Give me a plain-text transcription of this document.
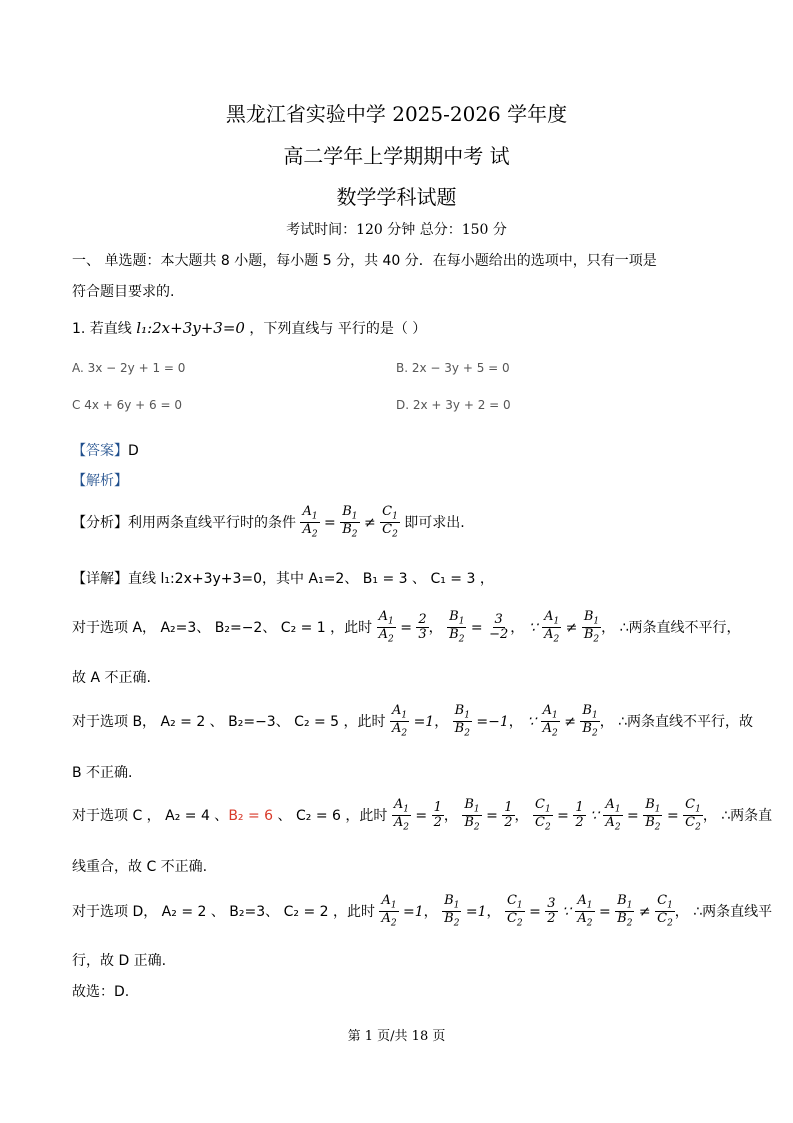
黑龙江省实验中学 2025-2026 学年度
高二学年上学期期中考 试
数学学科试题
考试时间：120 分钟 总分：150 分
一、 单选题：本大题共 8 小题，每小题 5 分，共 40 分．在每小题给出的选项中，只有一项是
符合题目要求的.
1. 若直线 l₁:2x+3y+3=0 ，下列直线与 平行的是（ ）
A. 3x − 2y + 1 = 0	B. 2x − 3y + 5 = 0
C 4x + 6y + 6 = 0	D. 2x + 3y + 2 = 0
【答案】D
【解析】
【分析】利用两条直线平行时的条件 $\frac{A_1}{A_2} = \frac{B_1}{B_2} \ne \frac{C_1}{C_2}$ 即可求出.
【详解】直线 l₁:2x+3y+3=0，其中 A₁=2、 B₁ = 3 、 C₁ = 3 ，
对于选项 A， A₂=3、 B₂=−2、 C₂ = 1 ，此时 $\frac{A_1}{A_2} = \frac{2}{3}$ ， $\frac{B_1}{B_2} = \frac{3}{-2}$ ， ∵ $\frac{A_1}{A_2} \ne \frac{B_1}{B_2}$ ， ∴两条直线不平行，
故 A 不正确.
对于选项 B， A₂ = 2 、 B₂=−3、 C₂ = 5 ，此时 $\frac{A_1}{A_2} =1$， $\frac{B_1}{B_2} =-1$， ∵ $\frac{A_1}{A_2} \ne \frac{B_1}{B_2}$ ， ∴两条直线不平行，故
B 不正确.
对于选项 C ， A₂ = 4 、B₂ = 6 、 C₂ = 6 ，此时 $\frac{A_1}{A_2} = \frac{1}{2}$ ， $\frac{B_1}{B_2} = \frac{1}{2}$ ， $\frac{C_1}{C_2} = \frac{1}{2}$ ∵ $\frac{A_1}{A_2} = \frac{B_1}{B_2} = \frac{C_1}{C_2}$ ， ∴两条直
线重合，故 C 不正确.
对于选项 D， A₂ = 2 、 B₂=3、 C₂ = 2 ，此时 $\frac{A_1}{A_2} =1$， $\frac{B_1}{B_2} =1$， $\frac{C_1}{C_2} = \frac{3}{2}$ ∵ $\frac{A_1}{A_2} = \frac{B_1}{B_2} \ne \frac{C_1}{C_2}$ ， ∴两条直线平
行，故 D 正确.
故选：D.
第 1 页/共 18 页
